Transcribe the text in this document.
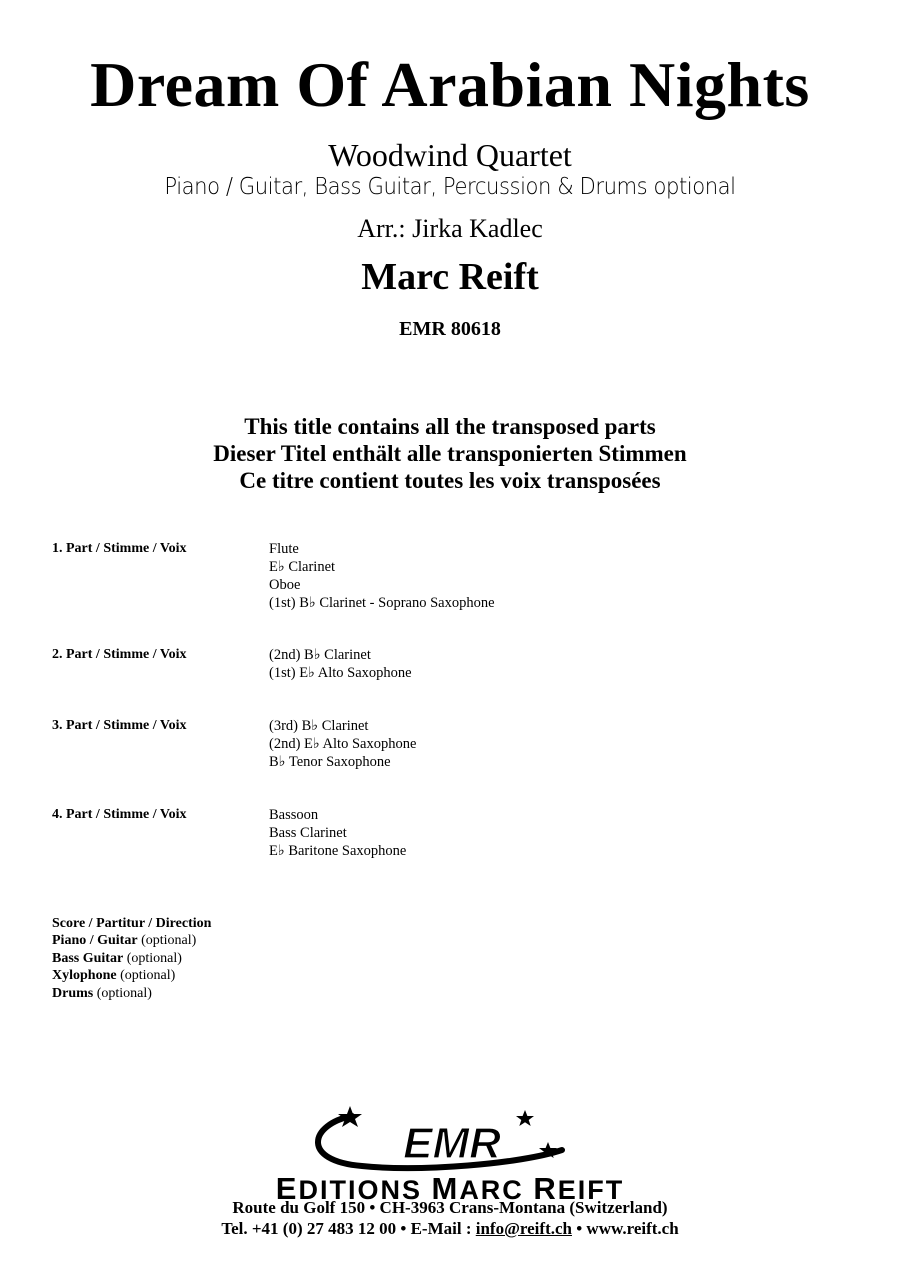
Dream Of Arabian Nights
Woodwind Quartet
Piano / Guitar, Bass Guitar, Percussion & Drums optional
Arr.: Jirka Kadlec
Marc Reift
EMR 80618
This title contains all the transposed parts
Dieser Titel enthält alle transponierten Stimmen
Ce titre contient toutes les voix transposées
1. Part / Stimme / Voix	Flute
E♭ Clarinet
Oboe
(1st) B♭ Clarinet - Soprano Saxophone
2. Part / Stimme / Voix	(2nd) B♭ Clarinet
(1st) E♭ Alto Saxophone
3. Part / Stimme / Voix	(3rd) B♭ Clarinet
(2nd) E♭ Alto Saxophone
B♭ Tenor Saxophone
4. Part / Stimme / Voix	Bassoon
Bass Clarinet
E♭ Baritone Saxophone
Score / Partitur / Direction
Piano / Guitar (optional)
Bass Guitar (optional)
Xylophone (optional)
Drums (optional)
EMR
EDITIONS MARC REIFT
Route du Golf 150 • CH-3963 Crans-Montana (Switzerland)
Tel. +41 (0) 27 483 12 00 • E-Mail : info@reift.ch • www.reift.ch
